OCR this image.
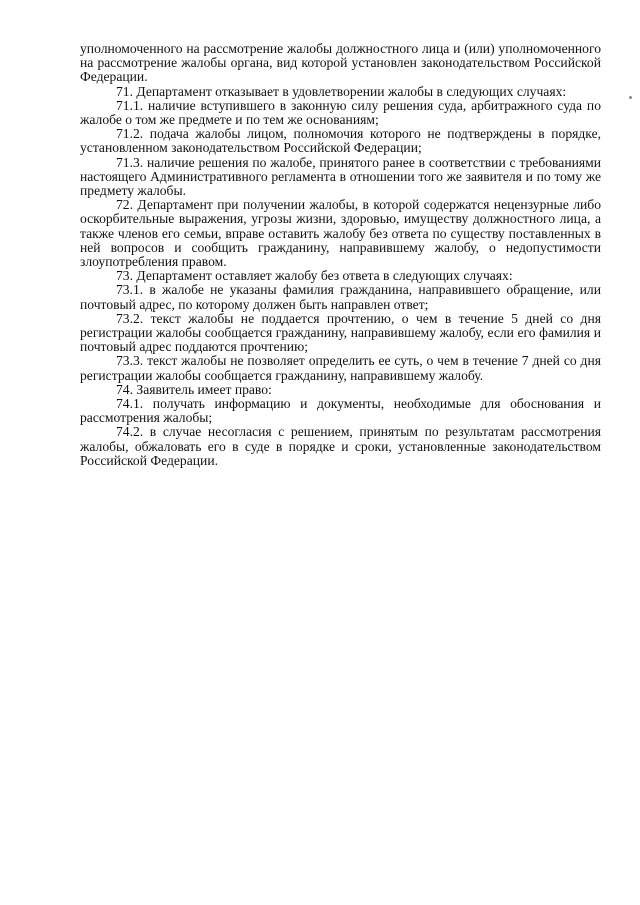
уполномоченного на рассмотрение жалобы должностного лица и (или) уполномоченного на рассмотрение жалобы органа, вид которой установлен законодательством Российской Федерации.

71. Департамент отказывает в удовлетворении жалобы в следующих случаях:

71.1. наличие вступившего в законную силу решения суда, арбитражного суда по жалобе о том же предмете и по тем же основаниям;

71.2. подача жалобы лицом, полномочия которого не подтверждены в порядке, установленном законодательством Российской Федерации;

71.3. наличие решения по жалобе, принятого ранее в соответствии с требованиями настоящего Административного регламента в отношении того же заявителя и по тому же предмету жалобы.

72. Департамент при получении жалобы, в которой содержатся нецензурные либо оскорбительные выражения, угрозы жизни, здоровью, имуществу должностного лица, а также членов его семьи, вправе оставить жалобу без ответа по существу поставленных в ней вопросов и сообщить гражданину, направившему жалобу, о недопустимости злоупотребления правом.

73. Департамент оставляет жалобу без ответа в следующих случаях:

73.1. в жалобе не указаны фамилия гражданина, направившего обращение, или почтовый адрес, по которому должен быть направлен ответ;

73.2. текст жалобы не поддается прочтению, о чем в течение 5 дней со дня регистрации жалобы сообщается гражданину, направившему жалобу, если его фамилия и почтовый адрес поддаются прочтению;

73.3. текст жалобы не позволяет определить ее суть, о чем в течение 7 дней со дня регистрации жалобы сообщается гражданину, направившему жалобу.

74. Заявитель имеет право:

74.1. получать информацию и документы, необходимые для обоснования и рассмотрения жалобы;

74.2. в случае несогласия с решением, принятым по результатам рассмотрения жалобы, обжаловать его в суде в порядке и сроки, установленные законодательством Российской Федерации.
